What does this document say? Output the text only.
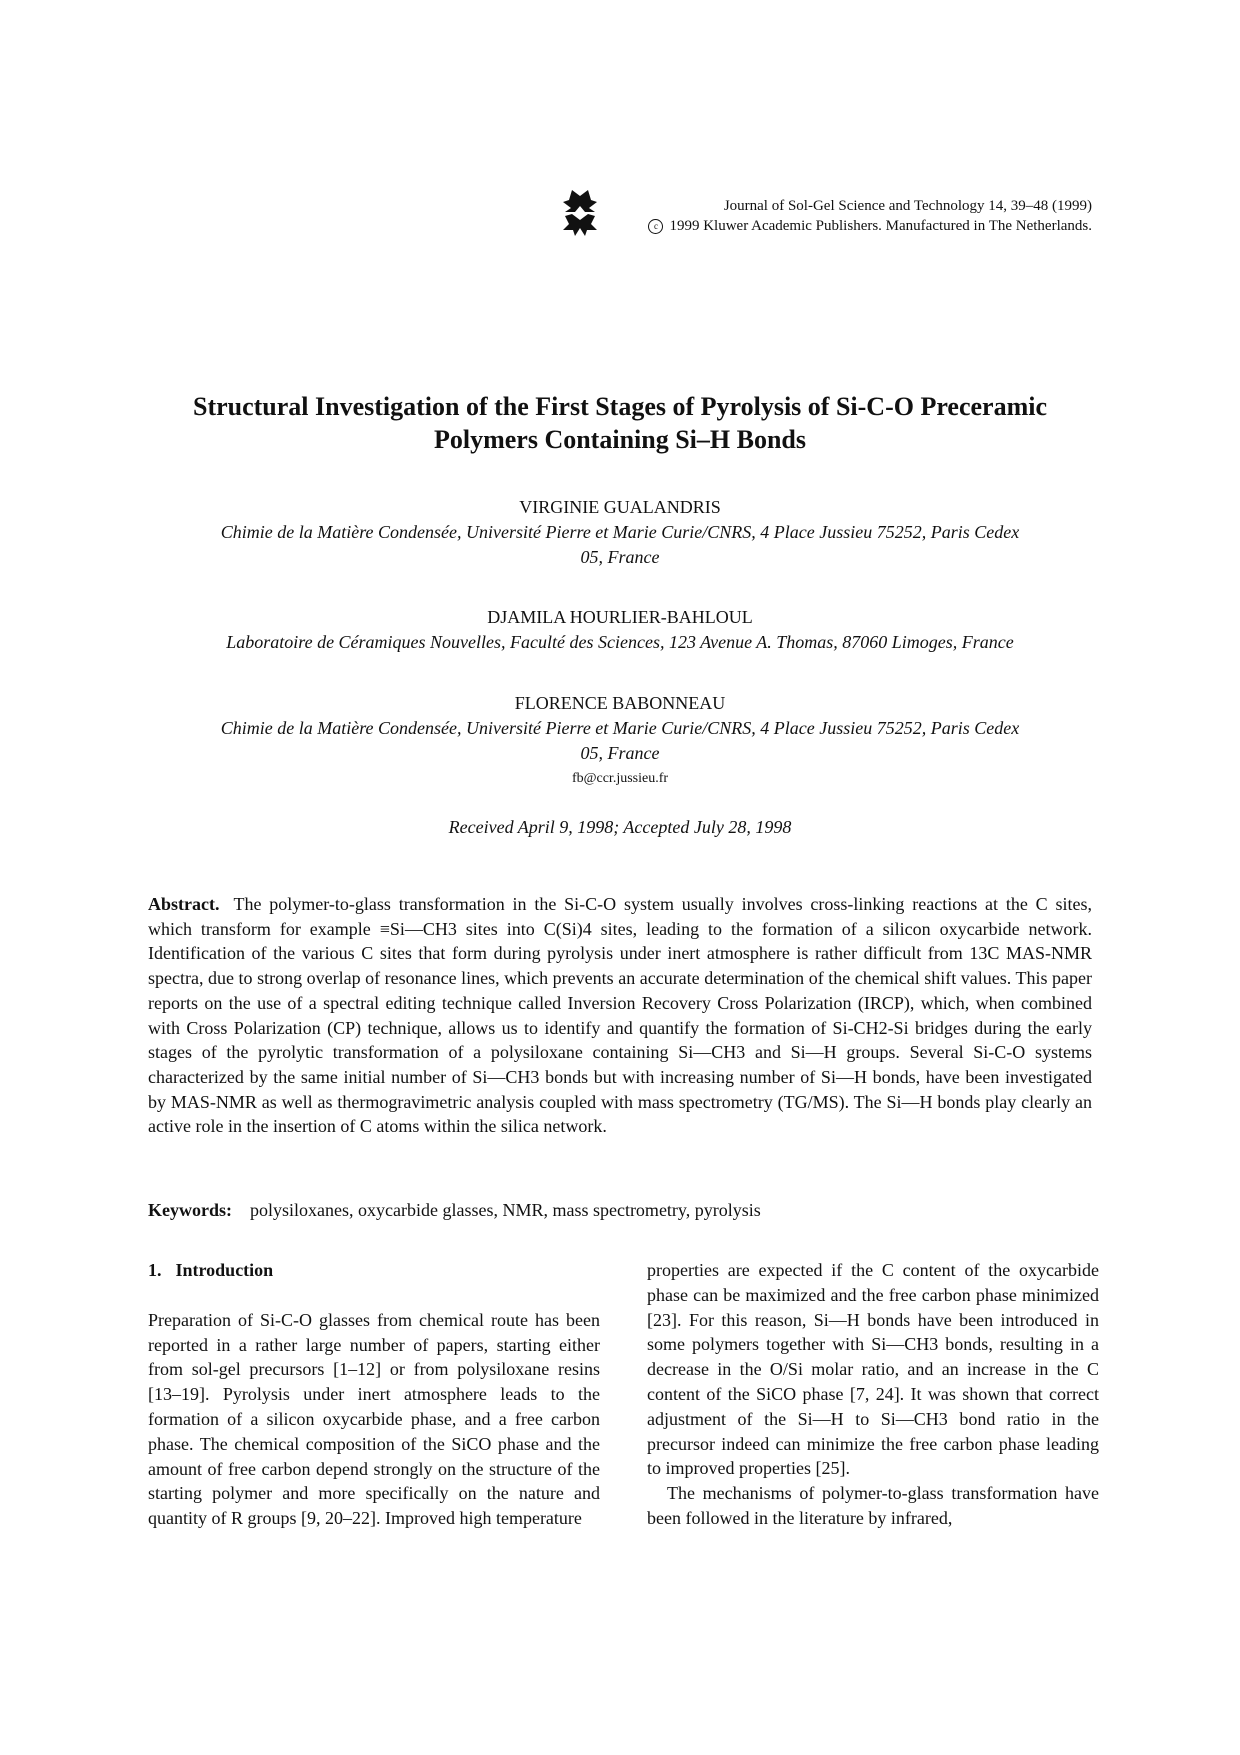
Journal of Sol-Gel Science and Technology 14, 39–48 (1999)
c 1999 Kluwer Academic Publishers. Manufactured in The Netherlands.
Structural Investigation of the First Stages of Pyrolysis of Si-C-O Preceramic Polymers Containing Si–H Bonds
VIRGINIE GUALANDRIS
Chimie de la Matière Condensée, Université Pierre et Marie Curie/CNRS, 4 Place Jussieu 75252, Paris Cedex 05, France
DJAMILA HOURLIER-BAHLOUL
Laboratoire de Céramiques Nouvelles, Faculté des Sciences, 123 Avenue A. Thomas, 87060 Limoges, France
FLORENCE BABONNEAU
Chimie de la Matière Condensée, Université Pierre et Marie Curie/CNRS, 4 Place Jussieu 75252, Paris Cedex 05, France
fb@ccr.jussieu.fr
Received April 9, 1998; Accepted July 28, 1998
Abstract. The polymer-to-glass transformation in the Si-C-O system usually involves cross-linking reactions at the C sites, which transform for example ≡Si—CH3 sites into C(Si)4 sites, leading to the formation of a silicon oxycarbide network. Identification of the various C sites that form during pyrolysis under inert atmosphere is rather difficult from 13C MAS-NMR spectra, due to strong overlap of resonance lines, which prevents an accurate determination of the chemical shift values. This paper reports on the use of a spectral editing technique called Inversion Recovery Cross Polarization (IRCP), which, when combined with Cross Polarization (CP) technique, allows us to identify and quantify the formation of Si-CH2-Si bridges during the early stages of the pyrolytic transformation of a polysiloxane containing Si—CH3 and Si—H groups. Several Si-C-O systems characterized by the same initial number of Si—CH3 bonds but with increasing number of Si—H bonds, have been investigated by MAS-NMR as well as thermogravimetric analysis coupled with mass spectrometry (TG/MS). The Si—H bonds play clearly an active role in the insertion of C atoms within the silica network.
Keywords: polysiloxanes, oxycarbide glasses, NMR, mass spectrometry, pyrolysis
1. Introduction

Preparation of Si-C-O glasses from chemical route has been reported in a rather large number of papers, starting either from sol-gel precursors [1–12] or from polysiloxane resins [13–19]. Pyrolysis under inert atmosphere leads to the formation of a silicon oxycarbide phase, and a free carbon phase. The chemical composition of the SiCO phase and the amount of free carbon depend strongly on the structure of the starting polymer and more specifically on the nature and quantity of R groups [9, 20–22]. Improved high temperature

properties are expected if the C content of the oxycarbide phase can be maximized and the free carbon phase minimized [23]. For this reason, Si—H bonds have been introduced in some polymers together with Si—CH3 bonds, resulting in a decrease in the O/Si molar ratio, and an increase in the C content of the SiCO phase [7, 24]. It was shown that correct adjustment of the Si—H to Si—CH3 bond ratio in the precursor indeed can minimize the free carbon phase leading to improved properties [25].

The mechanisms of polymer-to-glass transformation have been followed in the literature by infrared,
